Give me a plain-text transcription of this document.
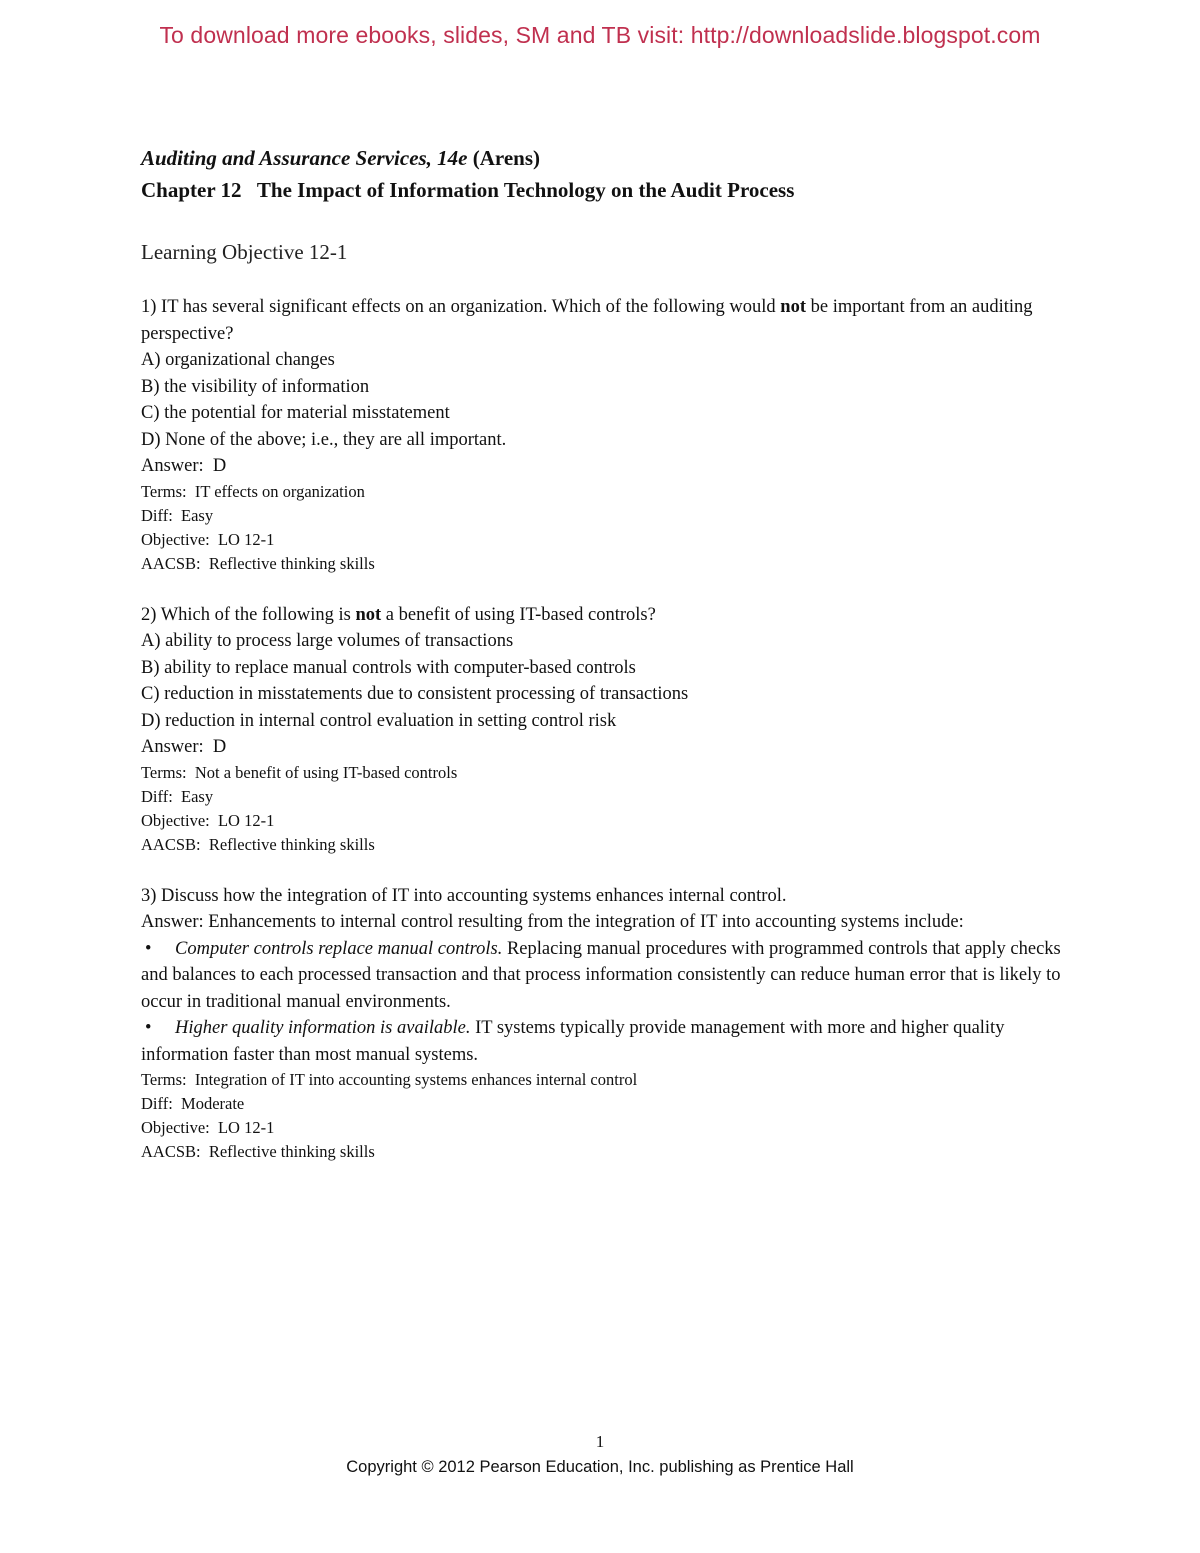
To download more ebooks, slides, SM and TB visit: http://downloadslide.blogspot.com
Auditing and Assurance Services, 14e (Arens)
Chapter 12   The Impact of Information Technology on the Audit Process
Learning Objective 12-1
1) IT has several significant effects on an organization. Which of the following would not be important from an auditing perspective?
A) organizational changes
B) the visibility of information
C) the potential for material misstatement
D) None of the above; i.e., they are all important.
Answer:  D
Terms:  IT effects on organization
Diff:  Easy
Objective:  LO 12-1
AACSB:  Reflective thinking skills
2) Which of the following is not a benefit of using IT-based controls?
A) ability to process large volumes of transactions
B) ability to replace manual controls with computer-based controls
C) reduction in misstatements due to consistent processing of transactions
D) reduction in internal control evaluation in setting control risk
Answer:  D
Terms:  Not a benefit of using IT-based controls
Diff:  Easy
Objective:  LO 12-1
AACSB:  Reflective thinking skills
3) Discuss how the integration of IT into accounting systems enhances internal control.
Answer: Enhancements to internal control resulting from the integration of IT into accounting systems include:
• Computer controls replace manual controls. Replacing manual procedures with programmed controls that apply checks and balances to each processed transaction and that process information consistently can reduce human error that is likely to occur in traditional manual environments.
• Higher quality information is available. IT systems typically provide management with more and higher quality information faster than most manual systems.
Terms:  Integration of IT into accounting systems enhances internal control
Diff:  Moderate
Objective:  LO 12-1
AACSB:  Reflective thinking skills
1
Copyright © 2012 Pearson Education, Inc. publishing as Prentice Hall
